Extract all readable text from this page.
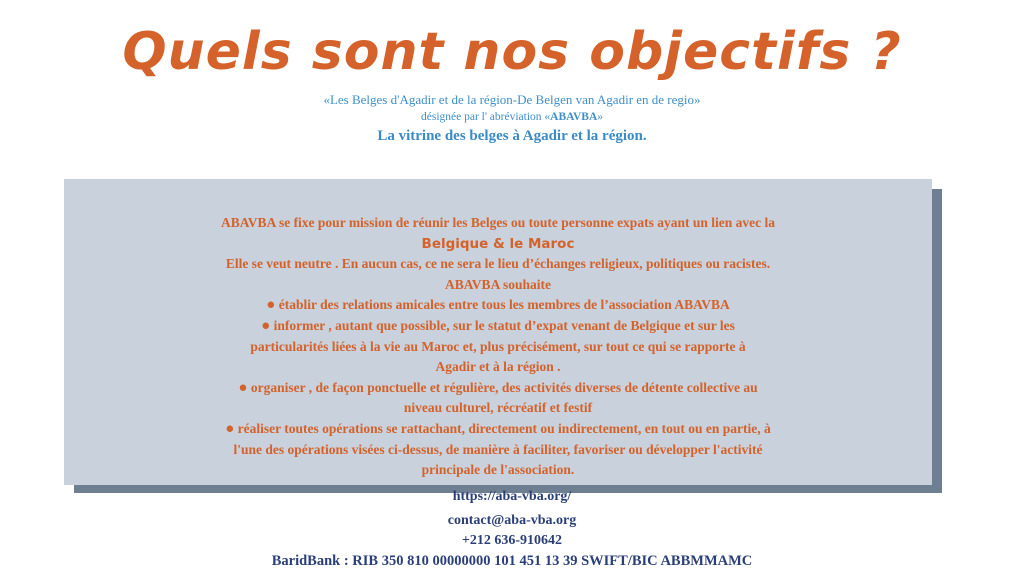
Quels sont nos objectifs ?

«Les Belges d'Agadir et de la région-De Belgen van Agadir en de regio»

désignée par l' abréviation «ABAVBA»

La vitrine des belges à Agadir et la région.

ABAVBA se fixe pour mission de réunir les Belges ou toute personne expats ayant un lien avec la

Belgique & le Maroc

Elle se veut neutre . En aucun cas, ce ne sera le lieu d’échanges religieux, politiques ou racistes.

ABAVBA souhaite

● établir des relations amicales entre tous les membres de l’association ABAVBA

● informer , autant que possible, sur le statut d’expat venant de Belgique et sur les

particularités liées à la vie au Maroc et, plus précisément, sur tout ce qui se rapporte à

Agadir et à la région .

● organiser , de façon ponctuelle et régulière, des activités diverses de détente collective au

niveau culturel, récréatif et festif

● réaliser toutes opérations se rattachant, directement ou indirectement, en tout ou en partie, à

l'une des opérations visées ci-dessus, de manière à faciliter, favoriser ou développer l'activité

principale de l'association.

https://aba-vba.org/

contact@aba-vba.org

+212 636-910642

BaridBank : RIB 350 810 00000000 101 451 13 39 SWIFT/BIC ABBMMAMC
